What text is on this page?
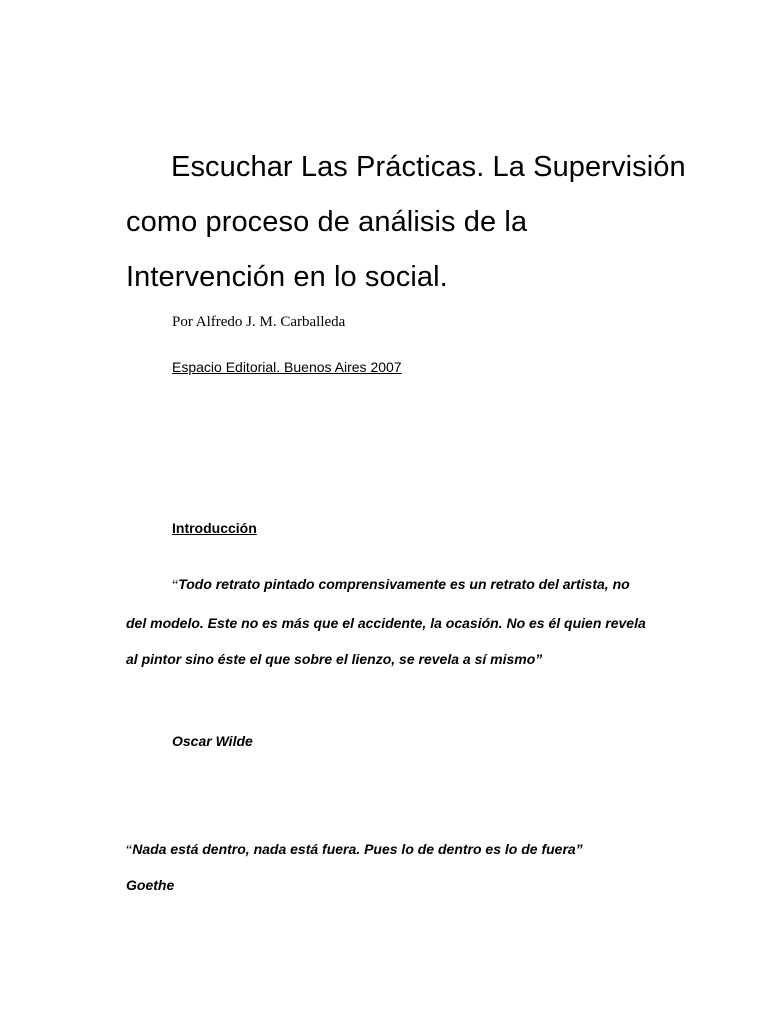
Escuchar Las Prácticas. La Supervisión como proceso de análisis de la Intervención en lo social.

Por Alfredo J. M. Carballeda

Espacio Editorial. Buenos Aires 2007

Introducción

“Todo retrato pintado comprensivamente es un retrato del artista, no del modelo. Este no es más que el accidente, la ocasión. No es él quien revela al pintor sino éste el que sobre el lienzo, se revela a sí mismo”

Oscar Wilde

“Nada está dentro, nada está fuera. Pues lo de dentro es lo de fuera”

Goethe
